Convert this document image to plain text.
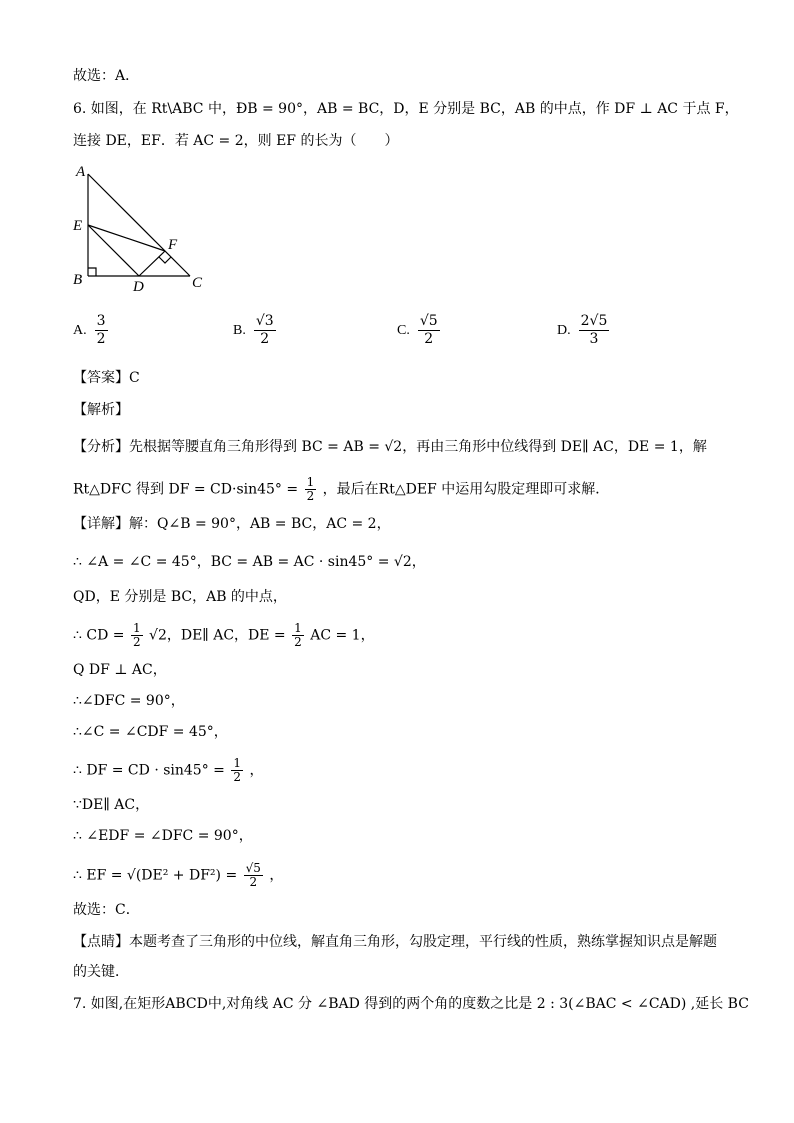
故选：A．
6. 如图，在 Rt\ABC 中，ÐB = 90°，AB = BC，D，E 分别是 BC，AB 的中点，作 DF ⊥ AC 于点 F，
连接 DE，EF．若 AC = 2，则 EF 的长为（　　）
A
E
B	D
F
C
A. $\frac{3}{2}$	B. $\frac{√3}{2}$	C. $\frac{√5}{2}$	D. $\frac{2√5}{3}$
【答案】C
【解析】
【分析】先根据等腰直角三角形得到 BC = AB = √2，再由三角形中位线得到 DE∥ AC，DE = 1，解
Rt△DFC 得到 DF = $CD\cdot\sin 45^\circ = \frac{1}{2}$ ，最后在Rt△DEF 中运用勾股定理即可求解．
【详解】解：Q∠B = 90°，AB = BC，AC = 2，
∴ ∠A = ∠C = 45°，BC = AB = AC · sin45° = √2，
QD，E 分别是 BC，AB 的中点，
∴ CD = $\frac{1}{2} √2$，DE∥ AC，DE = $\frac{1}{2}$ AC = 1，
Q DF ⊥ AC，
∴∠DFC = 90°，
∴∠C = ∠CDF = 45°，
∴ DF = CD · $\sin 45^\circ = \frac{1}{2}$ ，
∵DE∥ AC，
∴ ∠EDF = ∠DFC = 90°，
∴ EF = $√(DE^2 + DF^2) = \frac{√5}{2}$ ，
故选：C．
【点睛】本题考查了三角形的中位线，解直角三角形，勾股定理，平行线的性质，熟练掌握知识点是解题
的关键．
7. 如图,在矩形ABCD中,对角线 AC 分 ∠BAD 得到的两个角的度数之比是 2 : 3(∠BAC < ∠CAD) ,延长 BC
